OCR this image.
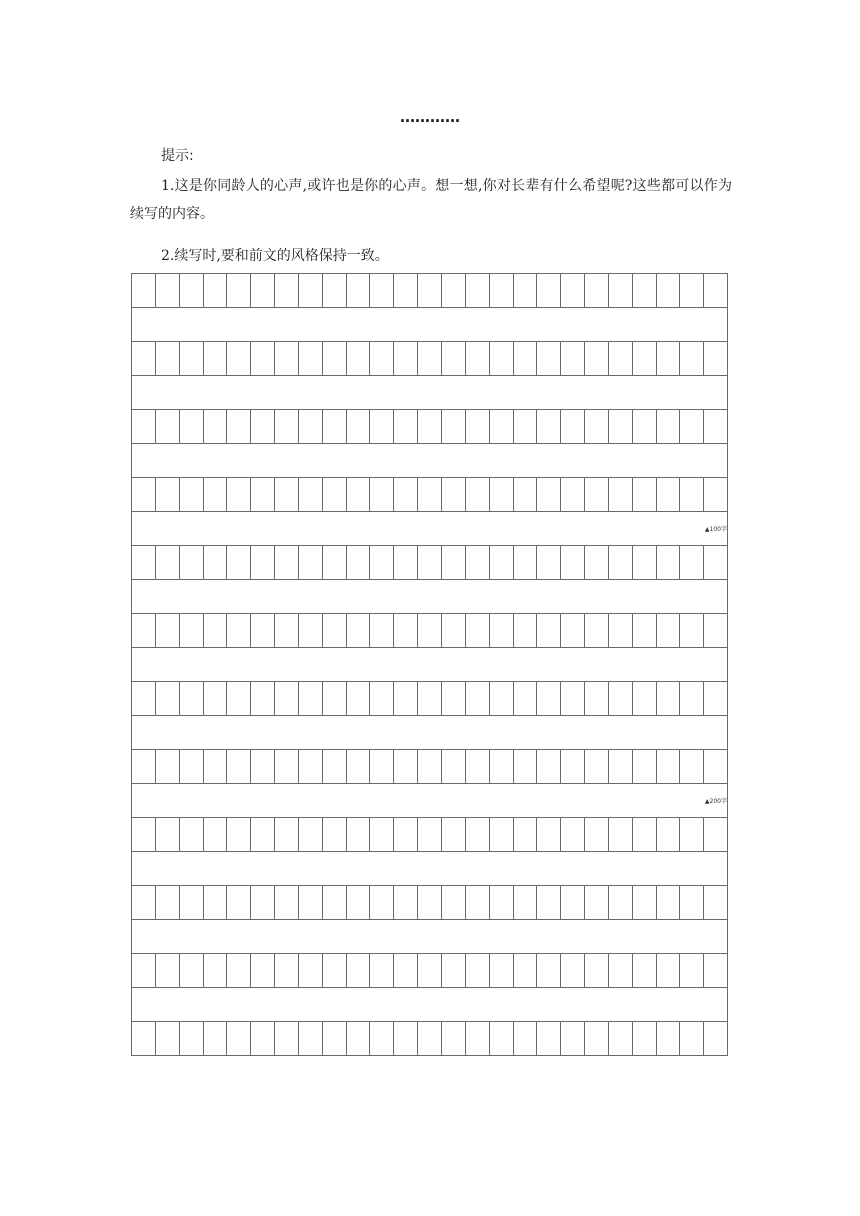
…………
提示:
1.这是你同龄人的心声,或许也是你的心声。想一想,你对长辈有什么希望呢?这些都可以作为续写的内容。
2.续写时,要和前文的风格保持一致。
▲100字
▲200字
